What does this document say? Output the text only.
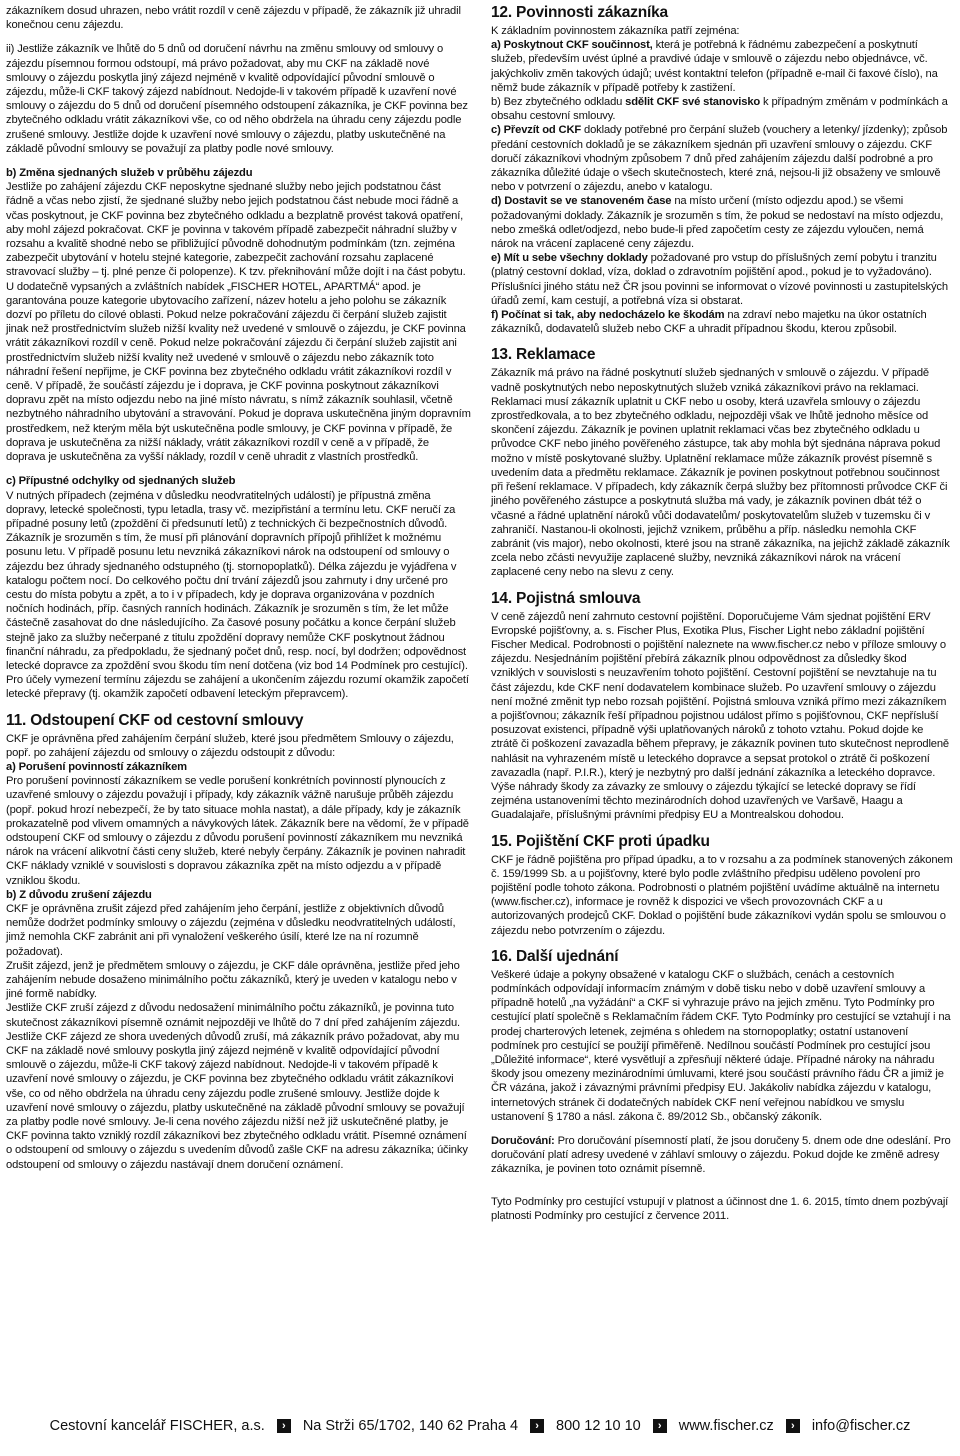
zákazníkem dosud uhrazen, nebo vrátit rozdíl v ceně zájezdu v případě, že zákazník již uhradil konečnou cenu zájezdu.

ii) Jestliže zákazník ve lhůtě do 5 dnů od doručení návrhu na změnu smlouvy od smlouvy o zájezdu písemnou formou odstoupí, má právo požadovat, aby mu CKF na základě nové smlouvy o zájezdu poskytla jiný zájezd nejméně v kvalitě odpovídající původní smlouvě o zájezdu, může-li CKF takový zájezd nabídnout. Nedojde-li v takovém případě k uzavření nové smlouvy o zájezdu do 5 dnů od doručení písemného odstoupení zákazníka, je CKF povinna bez zbytečného odkladu vrátit zákazníkovi vše, co od něho obdržela na úhradu ceny zájezdu podle zrušené smlouvy. Jestliže dojde k uzavření nové smlouvy o zájezdu, platby uskutečněné na základě původní smlouvy se považují za platby podle nové smlouvy.

b) Změna sjednaných služeb v průběhu zájezdu

Jestliže po zahájení zájezdu CKF neposkytne sjednané služby nebo jejich podstatnou část řádně a včas nebo zjistí, že sjednané služby nebo jejich podstatnou část nebude moci řádně a včas poskytnout, je CKF povinna bez zbytečného odkladu a bezplatně provést taková opatření, aby mohl zájezd pokračovat. CKF je povinna v takovém případě zabezpečit náhradní služby v rozsahu a kvalitě shodné nebo se přibližující původně dohodnutým podmínkám (tzn. zejména zabezpečit ubytování v hotelu stejné kategorie, zabezpečit zachování rozsahu zaplacené stravovací služby – tj. plné penze či polopenze). K tzv. překnihování může dojít i na část pobytu. U dodatečně vypsaných a zvláštních nabídek „FISCHER HOTEL, APARTMÁ“ apod. je garantována pouze kategorie ubytovacího zařízení, název hotelu a jeho polohu se zákazník dozví po příletu do cílové oblasti. Pokud nelze pokračování zájezdu či čerpání služeb zajistit jinak než prostřednictvím služeb nižší kvality než uvedené v smlouvě o zájezdu, je CKF povinna vrátit zákazníkovi rozdíl v ceně. Pokud nelze pokračování zájezdu či čerpání služeb zajistit ani prostřednictvím služeb nižší kvality než uvedené v smlouvě o zájezdu nebo zákazník toto náhradní řešení nepřijme, je CKF povinna bez zbytečného odkladu vrátit zákazníkovi rozdíl v ceně. V případě, že součástí zájezdu je i doprava, je CKF povinna poskytnout zákazníkovi dopravu zpět na místo odjezdu nebo na jiné místo návratu, s nímž zákazník souhlasil, včetně nezbytného náhradního ubytování a stravování. Pokud je doprava uskutečněna jiným dopravním prostředkem, než kterým měla být uskutečněna podle smlouvy, je CKF povinna v případě, že doprava je uskutečněna za nižší náklady, vrátit zákazníkovi rozdíl v ceně a v případě, že doprava je uskutečněna za vyšší náklady, rozdíl v ceně uhradit z vlastních prostředků.

c) Přípustné odchylky od sjednaných služeb

V nutných případech (zejména v důsledku neodvratitelných událostí) je přípustná změna dopravy, letecké společnosti, typu letadla, trasy vč. mezipřistání a termínu letu. CKF neručí za případné posuny letů (zpoždění či předsunutí letů) z technických či bezpečnostních důvodů. Zákazník je srozuměn s tím, že musí při plánování dopravních přípojů přihlížet k možnému posunu letu. V případě posunu letu nevzniká zákazníkovi nárok na odstoupení od smlouvy o zájezdu bez úhrady sjednaného odstupného (tj. stornopoplatků). Délka zájezdu je vyjádřena v katalogu počtem nocí. Do celkového počtu dní trvání zájezdů jsou zahrnuty i dny určené pro cestu do místa pobytu a zpět, a to i v případech, kdy je doprava organizována v pozdních nočních hodinách, příp. časných ranních hodinách. Zákazník je srozuměn s tím, že let může částečně zasahovat do dne následujícího. Za časové posuny počátku a konce čerpání služeb stejně jako za služby nečerpané z titulu zpoždění dopravy nemůže CKF poskytnout žádnou finanční náhradu, za předpokladu, že sjednaný počet dnů, resp. nocí, byl dodržen; odpovědnost letecké dopravce za zpoždění svou škodu tím není dotčena (viz bod 14 Podmínek pro cestující). Pro účely vymezení termínu zájezdu se zahájení a ukončením zájezdu rozumí okamžik započetí letecké přepravy (tj. okamžik započetí odbavení leteckým přepravcem).

11. Odstoupení CKF od cestovní smlouvy

CKF je oprávněna před zahájením čerpání služeb, které jsou předmětem Smlouvy o zájezdu, popř. po zahájení zájezdu od smlouvy o zájezdu odstoupit z důvodu:

a) Porušení povinností zákazníkem

Pro porušení povinností zákazníkem se vedle porušení konkrétních povinností plynoucích z uzavřené smlouvy o zájezdu považují i případy, kdy zákazník vážně narušuje průběh zájezdu (popř. pokud hrozí nebezpečí, že by tato situace mohla nastat), a dále případy, kdy je zákazník prokazatelně pod vlivem omamných a návykových látek. Zákazník bere na vědomí, že v případě odstoupení CKF od smlouvy o zájezdu z důvodu porušení povinností zákazníkem mu nevzniká nárok na vrácení alikvotní části ceny služeb, které nebyly čerpány. Zákazník je povinen nahradit CKF náklady vzniklé v souvislosti s dopravou zákazníka zpět na místo odjezdu a v případě vzniklou škodu.

b) Z důvodu zrušení zájezdu

CKF je oprávněna zrušit zájezd před zahájením jeho čerpání, jestliže z objektivních důvodů nemůže dodržet podmínky smlouvy o zájezdu (zejména v důsledku neodvratitelných událostí, jimž nemohla CKF zabránit ani při vynaložení veškerého úsilí, které lze na ní rozumně požadovat).

Zrušit zájezd, jenž je předmětem smlouvy o zájezdu, je CKF dále oprávněna, jestliže před jeho zahájením nebude dosaženo minimálního počtu zákazníků, který je uveden v katalogu nebo v jiné formě nabídky.

Jestliže CKF zruší zájezd z důvodu nedosažení minimálního počtu zákazníků, je povinna tuto skutečnost zákazníkovi písemně oznámit nejpozději ve lhůtě do 7 dní před zahájením zájezdu.

Jestliže CKF zájezd ze shora uvedených důvodů zruší, má zákazník právo požadovat, aby mu CKF na základě nové smlouvy poskytla jiný zájezd nejméně v kvalitě odpovídající původní smlouvě o zájezdu, může-li CKF takový zájezd nabídnout. Nedojde-li v takovém případě k uzavření nové smlouvy o zájezdu, je CKF povinna bez zbytečného odkladu vrátit zákazníkovi vše, co od něho obdržela na úhradu ceny zájezdu podle zrušené smlouvy. Jestliže dojde k uzavření nové smlouvy o zájezdu, platby uskutečněné na základě původní smlouvy se považují za platby podle nové smlouvy. Je-li cena nového zájezdu nižší než již uskutečněné platby, je CKF povinna takto vzniklý rozdíl zákazníkovi bez zbytečného odkladu vrátit. Písemné oznámení o odstoupení od smlouvy o zájezdu s uvedením důvodů zašle CKF na adresu zákazníka; účinky odstoupení od smlouvy o zájezdu nastávají dnem doručení oznámení.

12. Povinnosti zákazníka

K základním povinnostem zákazníka patří zejména:

a) Poskytnout CKF součinnost, která je potřebná k řádnému zabezpečení a poskytnutí služeb, především uvést úplné a pravdivé údaje v smlouvě o zájezdu nebo objednávce, vč. jakýchkoliv změn takových údajů; uvést kontaktní telefon (případně e-mail či faxové číslo), na němž bude zákazník v případě potřeby k zastižení.

b) Bez zbytečného odkladu sdělit CKF své stanovisko k případným změnám v podmínkách a obsahu cestovní smlouvy.

c) Převzít od CKF doklady potřebné pro čerpání služeb (vouchery a letenky/ jízdenky); způsob předání cestovních dokladů je se zákazníkem sjednán při uzavření smlouvy o zájezdu. CKF doručí zákazníkovi vhodným způsobem 7 dnů před zahájením zájezdu další podrobné a pro zákazníka důležité údaje o všech skutečnostech, které zná, nejsou-li již obsaženy ve smlouvě nebo v potvrzení o zájezdu, anebo v katalogu.

d) Dostavit se ve stanoveném čase na místo určení (místo odjezdu apod.) se všemi požadovanými doklady. Zákazník je srozuměn s tím, že pokud se nedostaví na místo odjezdu, nebo zmešká odlet/odjezd, nebo bude-li před započetím cesty ze zájezdu vyloučen, nemá nárok na vrácení zaplacené ceny zájezdu.

e) Mít u sebe všechny doklady požadované pro vstup do příslušných zemí pobytu i tranzitu (platný cestovní doklad, víza, doklad o zdravotním pojištění apod., pokud je to vyžadováno). Příslušníci jiného státu než ČR jsou povinni se informovat o vízové povinnosti u zastupitelských úřadů zemí, kam cestují, a potřebná víza si obstarat.

f) Počínat si tak, aby nedocházelo ke škodám na zdraví nebo majetku na úkor ostatních zákazníků, dodavatelů služeb nebo CKF a uhradit případnou škodu, kterou způsobil.

13. Reklamace

Zákazník má právo na řádné poskytnutí služeb sjednaných v smlouvě o zájezdu. V případě vadně poskytnutých nebo neposkytnutých služeb vzniká zákazníkovi právo na reklamaci. Reklamaci musí zákazník uplatnit u CKF nebo u osoby, která uzavřela smlouvy o zájezdu zprostředkovala, a to bez zbytečného odkladu, nejpozději však ve lhůtě jednoho měsíce od skončení zájezdu. Zákazník je povinen uplatnit reklamaci včas bez zbytečného odkladu u průvodce CKF nebo jiného pověřeného zástupce, tak aby mohla být sjednána náprava pokud možno v místě poskytované služby. Uplatnění reklamace může zákazník provést písemně s uvedením data a předmětu reklamace. Zákazník je povinen poskytnout potřebnou součinnost při řešení reklamace. V případech, kdy zákazník čerpá služby bez přítomnosti průvodce CKF či jiného pověřeného zástupce a poskytnutá služba má vady, je zákazník povinen dbát též o včasné a řádné uplatnění nároků vůči dodavatelům/ poskytovatelům služeb v tuzemsku či v zahraničí. Nastanou-li okolnosti, jejichž vznikem, průběhu a příp. následku nemohla CKF zabránit (vis major), nebo okolnosti, které jsou na straně zákazníka, na jejichž základě zákazník zcela nebo zčásti nevyužije zaplacené služby, nevzniká zákazníkovi nárok na vrácení zaplacené ceny nebo na slevu z ceny.

14. Pojistná smlouva

V ceně zájezdů není zahrnuto cestovní pojištění. Doporučujeme Vám sjednat pojištění ERV Evropské pojišťovny, a. s. Fischer Plus, Exotika Plus, Fischer Light nebo základní pojištění Fischer Medical. Podrobnosti o pojištění naleznete na www.fischer.cz nebo v příloze smlouvy o zájezdu. Nesjednáním pojištění přebírá zákazník plnou odpovědnost za důsledky škod vzniklých v souvislosti s neuzavřením tohoto pojištění. Cestovní pojištění se nevztahuje na tu část zájezdu, kde CKF není dodavatelem kombinace služeb. Po uzavření smlouvy o zájezdu není možné změnit typ nebo rozsah pojištění. Pojistná smlouva vzniká přímo mezi zákazníkem a pojišťovnou; zákazník řeší případnou pojistnou událost přímo s pojišťovnou, CKF nepřísluší posuzovat existenci, případně výši uplatňovaných nároků z tohoto vztahu. Pokud dojde ke ztrátě či poškození zavazadla během přepravy, je zákazník povinen tuto skutečnost neprodleně nahlásit na vyhrazeném místě u leteckého dopravce a sepsat protokol o ztrátě či poškození zavazadla (např. P.I.R.), který je nezbytný pro další jednání zákazníka a leteckého dopravce. Výše náhrady škody za závazky ze smlouvy o zájezdu týkající se letecké dopravy se řídí zejména ustanoveními těchto mezinárodních dohod uzavřených ve Varšavě, Haagu a Guadalajaře, příslušnými právními předpisy EU a Montrealskou dohodou.

15. Pojištění CKF proti úpadku

CKF je řádně pojištěna pro případ úpadku, a to v rozsahu a za podmínek stanovených zákonem č. 159/1999 Sb. a u pojišťovny, které bylo podle zvláštního předpisu uděleno povolení pro pojištění podle tohoto zákona. Podrobnosti o platném pojištění uvádíme aktuálně na internetu (www.fischer.cz), informace je rovněž k dispozici ve všech provozovnách CKF a u autorizovaných prodejců CKF. Doklad o pojištění bude zákazníkovi vydán spolu se smlouvou o zájezdu nebo potvrzením o zájezdu.

16. Další ujednání

Veškeré údaje a pokyny obsažené v katalogu CKF o službách, cenách a cestovních podmínkách odpovídají informacím známým v době tisku nebo v době uzavření smlouvy a případně hotelů „na vyžádání“ a CKF si vyhrazuje právo na jejich změnu. Tyto Podmínky pro cestující platí společně s Reklamačním řádem CKF. Tyto Podmínky pro cestující se vztahují i na prodej charterových letenek, zejména s ohledem na stornopoplatky; ostatní ustanovení podmínek pro cestující se použijí přiměřeně. Nedílnou součástí Podmínek pro cestující jsou „Důležité informace“, které vysvětlují a zpřesňují některé údaje. Případné nároky na náhradu škody jsou omezeny mezinárodními úmluvami, které jsou součástí právního řádu ČR a jimiž je ČR vázána, jakož i závaznými právními předpisy EU. Jakákoliv nabídka zájezdu v katalogu, internetových stránek či dodatečných nabídek CKF není veřejnou nabídkou ve smyslu ustanovení § 1780 a násl. zákona č. 89/2012 Sb., občanský zákoník.

Doručování: Pro doručování písemností platí, že jsou doručeny 5. dnem ode dne odeslání. Pro doručování platí adresy uvedené v záhlaví smlouvy o zájezdu. Pokud dojde ke změně adresy zákazníka, je povinen toto oznámit písemně.

Tyto Podmínky pro cestující vstupují v platnost a účinnost dne 1. 6. 2015, tímto dnem pozbývají platnosti Podmínky pro cestující z července 2011.

Cestovní kancelář FISCHER, a.s.	›	Na Strži 65/1702, 140 62 Praha 4	›	800 12 10 10	›	www.fischer.cz	›	info@fischer.cz
